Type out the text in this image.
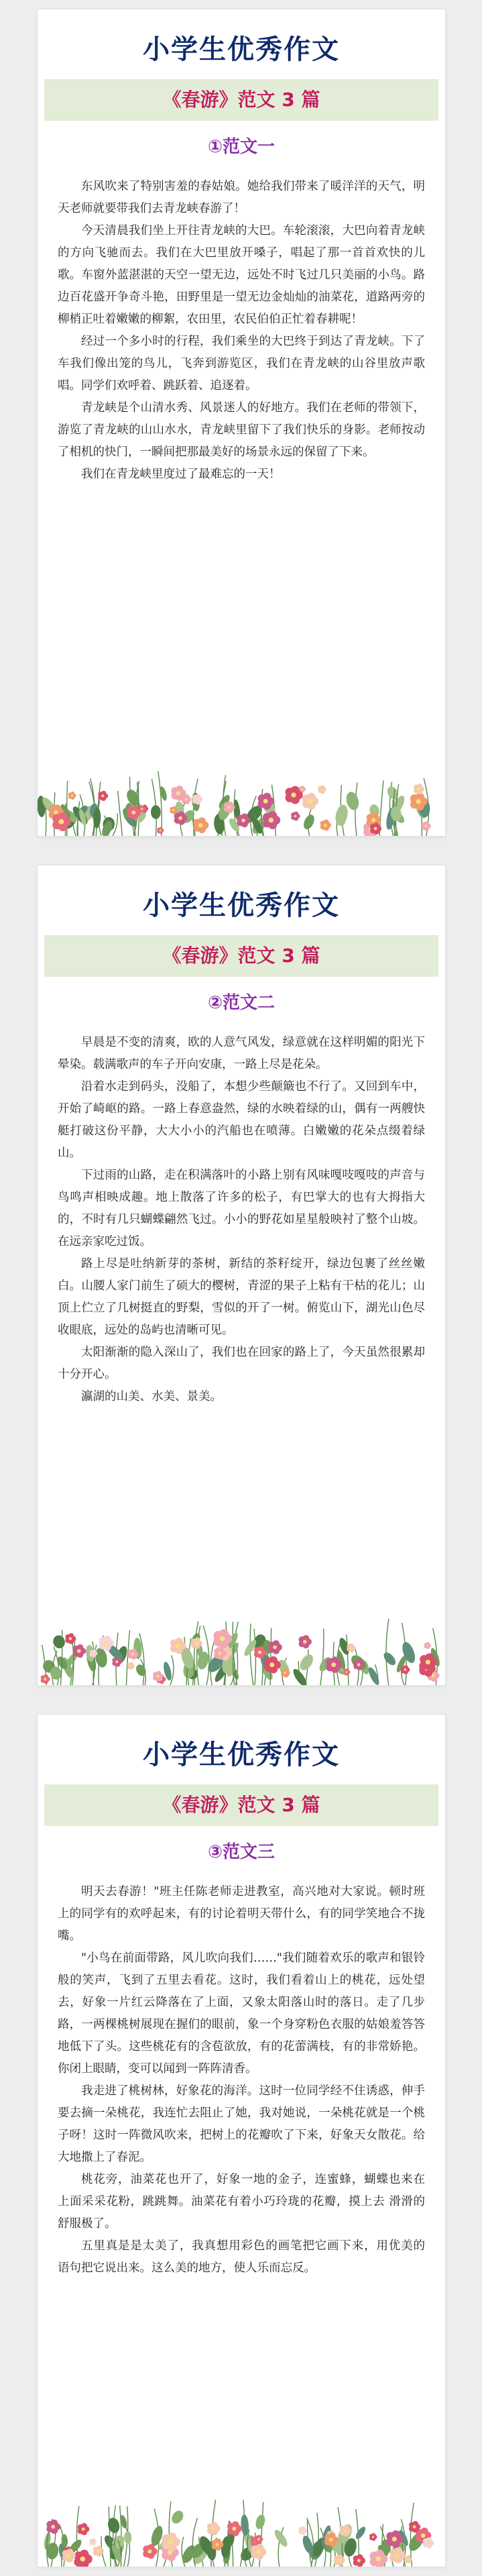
小学生优秀作文
《春游》范文 3 篇
①范文一

东风吹来了特别害羞的春姑娘。她给我们带来了暖洋洋的天气，明天老师就要带我们去青龙峡春游了！

今天清晨我们坐上开往青龙峡的大巴。车轮滚滚，大巴向着青龙峡的方向飞驰而去。我们在大巴里放开嗓子，唱起了那一首首欢快的儿歌。车窗外蓝湛湛的天空一望无边，远处不时飞过几只美丽的小鸟。路边百花盛开争奇斗艳，田野里是一望无边金灿灿的油菜花，道路两旁的柳梢正吐着嫩嫩的柳絮，农田里，农民伯伯正忙着春耕呢！

经过一个多小时的行程，我们乘坐的大巴终于到达了青龙峡。下了车我们像出笼的鸟儿，飞奔到游览区，我们在青龙峡的山谷里放声歌唱。同学们欢呼着、跳跃着、追逐着。

青龙峡是个山清水秀、风景迷人的好地方。我们在老师的带领下，游览了青龙峡的山山水水，青龙峡里留下了我们快乐的身影。老师按动了相机的快门，一瞬间把那最美好的场景永远的保留了下来。

我们在青龙峡里度过了最难忘的一天！

小学生优秀作文
《春游》范文 3 篇
②范文二

早晨是不变的清爽，欧的人意气风发，绿意就在这样明媚的阳光下晕染。载满歌声的车子开向安康，一路上尽是花朵。

沿着水走到码头，没船了，本想少些颠簸也不行了。又回到车中，开始了崎岖的路。一路上春意盎然，绿的水映着绿的山，偶有一两艘快艇打破这份平静，大大小小的汽船也在喷薄。白嫩嫩的花朵点缀着绿山。

下过雨的山路，走在积满落叶的小路上别有风味嘎吱嘎吱的声音与鸟鸣声相映成趣。地上散落了许多的松子，有巴掌大的也有大拇指大的，不时有几只蝴蝶翩然飞过。小小的野花如星星般映衬了整个山坡。在远亲家吃过饭。

路上尽是吐纳新芽的茶树，新结的茶籽绽开，绿边包裹了丝丝嫩白。山腰人家门前生了硕大的樱树，青涩的果子上粘有干枯的花儿；山顶上伫立了几树挺直的野梨，雪似的开了一树。俯览山下，湖光山色尽收眼底，远处的岛屿也清晰可见。

太阳渐渐的隐入深山了，我们也在回家的路上了，今天虽然很累却十分开心。

瀛湖的山美、水美、景美。

小学生优秀作文
《春游》范文 3 篇
③范文三

明天去春游！"班主任陈老师走进教室，高兴地对大家说。顿时班上的同学有的欢呼起来，有的讨论着明天带什么，有的同学笑地合不拢嘴。

"小鸟在前面带路，风儿吹向我们……"我们随着欢乐的歌声和银铃般的笑声，飞到了五里去看花。这时，我们看着山上的桃花，远处望去，好象一片红云降落在了上面，又象太阳落山时的落日。走了几步路，一两棵桃树展现在握们的眼前，象一个身穿粉色衣服的姑娘羞答答地低下了头。这些桃花有的含苞欲放，有的花蕾满枝，有的非常娇艳。你闭上眼睛，变可以闻到一阵阵清香。

我走进了桃树林，好象花的海洋。这时一位同学经不住诱惑，伸手要去摘一朵桃花，我连忙去阻止了她，我对她说，一朵桃花就是一个桃子呀！这时一阵微风吹来，把树上的花瓣吹了下来，好象天女散花。给大地撒上了春泥。

桃花旁，油菜花也开了，好象一地的金子，连蜜蜂，蝴蝶也来在 上面采采花粉，跳跳舞。油菜花有着小巧玲珑的花瓣，摸上去 滑滑的舒服极了。

五里真是是太美了，我真想用彩色的画笔把它画下来，用优美的 语句把它说出来。这么美的地方，使人乐而忘反。
